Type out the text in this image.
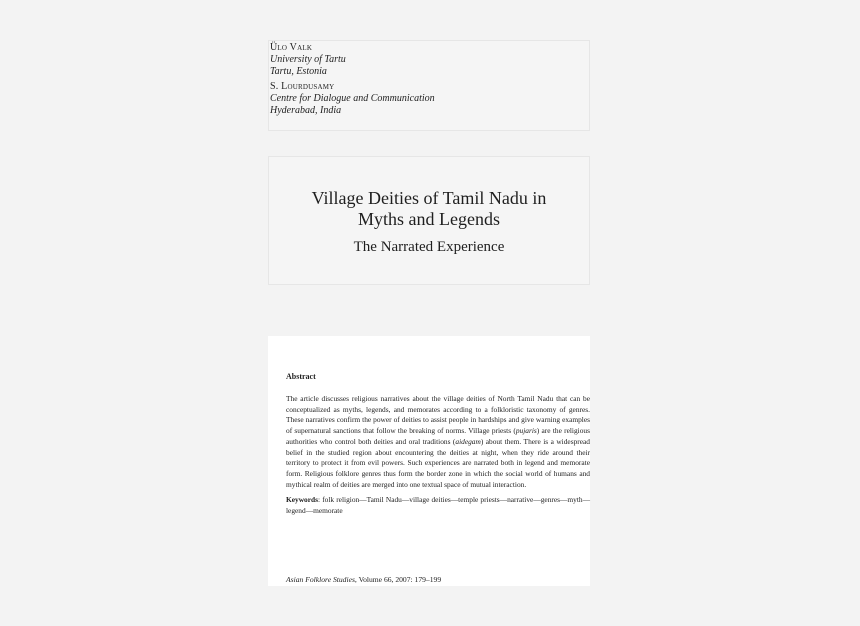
Ülo Valk
University of Tartu
Tartu, Estonia
S. Lourdusamy
Centre for Dialogue and Communication
Hyderabad, India
Village Deities of Tamil Nadu in
Myths and Legends
The Narrated Experience
Abstract
The article discusses religious narratives about the village deities of North Tamil Nadu that can be conceptualized as myths, legends, and memorates according to a folkloristic taxonomy of genres. These narratives confirm the power of deities to assist people in hardships and give warning examples of supernatural sanctions that follow the breaking of norms. Village priests (pujaris) are the religious authorities who control both deities and oral traditions (aidegam) about them. There is a widespread belief in the studied region about encountering the deities at night, when they ride around their territory to protect it from evil powers. Such experiences are narrated both in legend and memorate form. Religious folklore genres thus form the border zone in which the social world of humans and mythical realm of deities are merged into one textual space of mutual interaction.
Keywords: folk religion—Tamil Nadu—village deities—temple priests—narrative—genres—myth—legend—memorate
Asian Folklore Studies, Volume 66, 2007: 179–199
